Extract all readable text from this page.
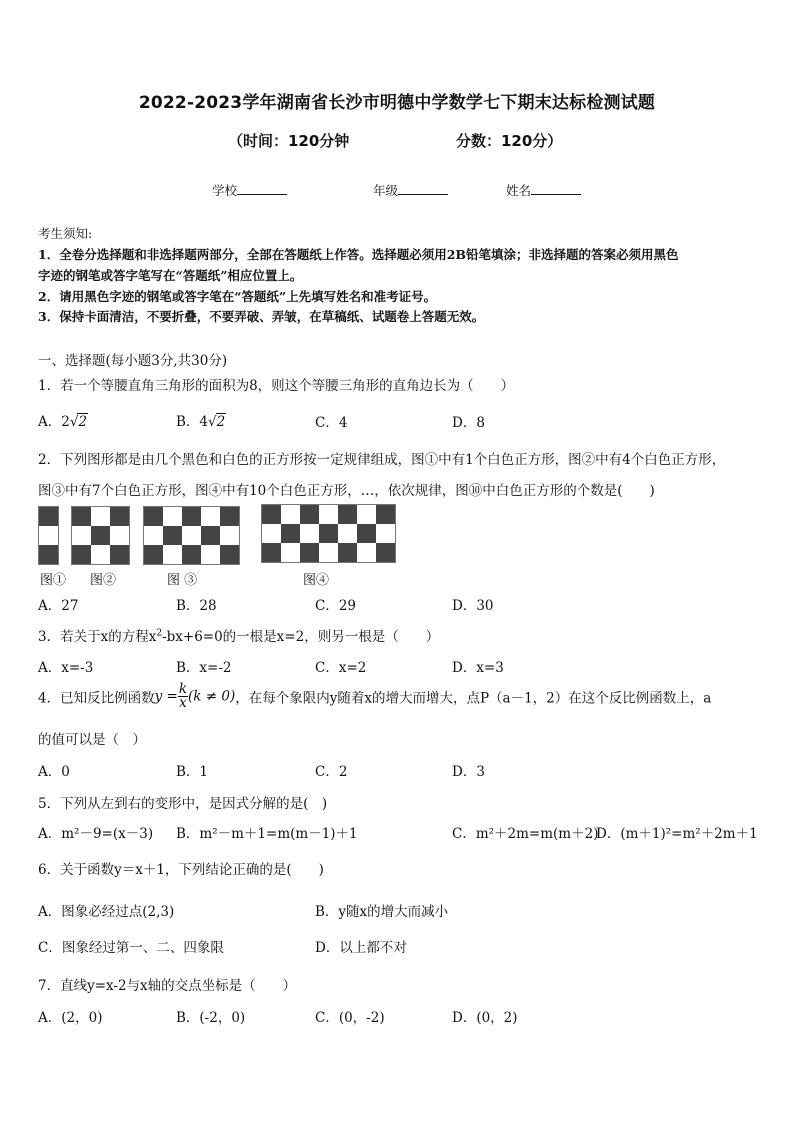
2022-2023学年湖南省长沙市明德中学数学七下期末达标检测试题
（时间：120分钟	分数：120分）
学校	年级	姓名
考生须知:
1．全卷分选择题和非选择题两部分，全部在答题纸上作答。选择题必须用2B铅笔填涂；非选择题的答案必须用黑色
字迹的钢笔或答字笔写在“答题纸”相应位置上。
2．请用黑色字迹的钢笔或答字笔在“答题纸”上先填写姓名和准考证号。
3．保持卡面清洁，不要折叠，不要弄破、弄皱，在草稿纸、试题卷上答题无效。
一、选择题(每小题3分,共30分)
1．若一个等腰直角三角形的面积为8，则这个等腰三角形的直角边长为（　　）
A．2√2	B．4√2	C．4	D．8
2．下列图形都是由几个黑色和白色的正方形按一定规律组成，图①中有1个白色正方形，图②中有4个白色正方形，
图③中有7个白色正方形，图④中有10个白色正方形，…，依次规律，图⑩中白色正方形的个数是(　　)
图① 图②	图 ③	图④
A．27	B．28	C．29	D．30
3．若关于x的方程$x^2-bx+6=0$的一根是x=2，则另一根是（　　）
A．x=-3	B．x=-2	C．x=2	D．x=3
4．已知反比例函数$y = \frac{k}{x} (k \ne 0)$，在每个象限内y随着x的增大而增大，点P（a－1，2）在这个反比例函数上，a
的值可以是（　）
A．0	B．1	C．2	D．3
5．下列从左到右的变形中，是因式分解的是(　)
A．m²－9=(x－3) B．m²－m＋1=m(m－1)＋1	C．m²＋2m=m(m＋2)
D．(m＋1)²=m²＋2m＋1
6．关于函数y＝x＋1，下列结论正确的是(　　)
A．图象必经过点(2,3)	B．y随x的增大而减小
C．图象经过第一、二、四象限	D．以上都不对
7．直线y=x-2与x轴的交点坐标是（　　）
A．(2，0)	B．(-2，0)	C．(0，-2)	D．(0，2)
